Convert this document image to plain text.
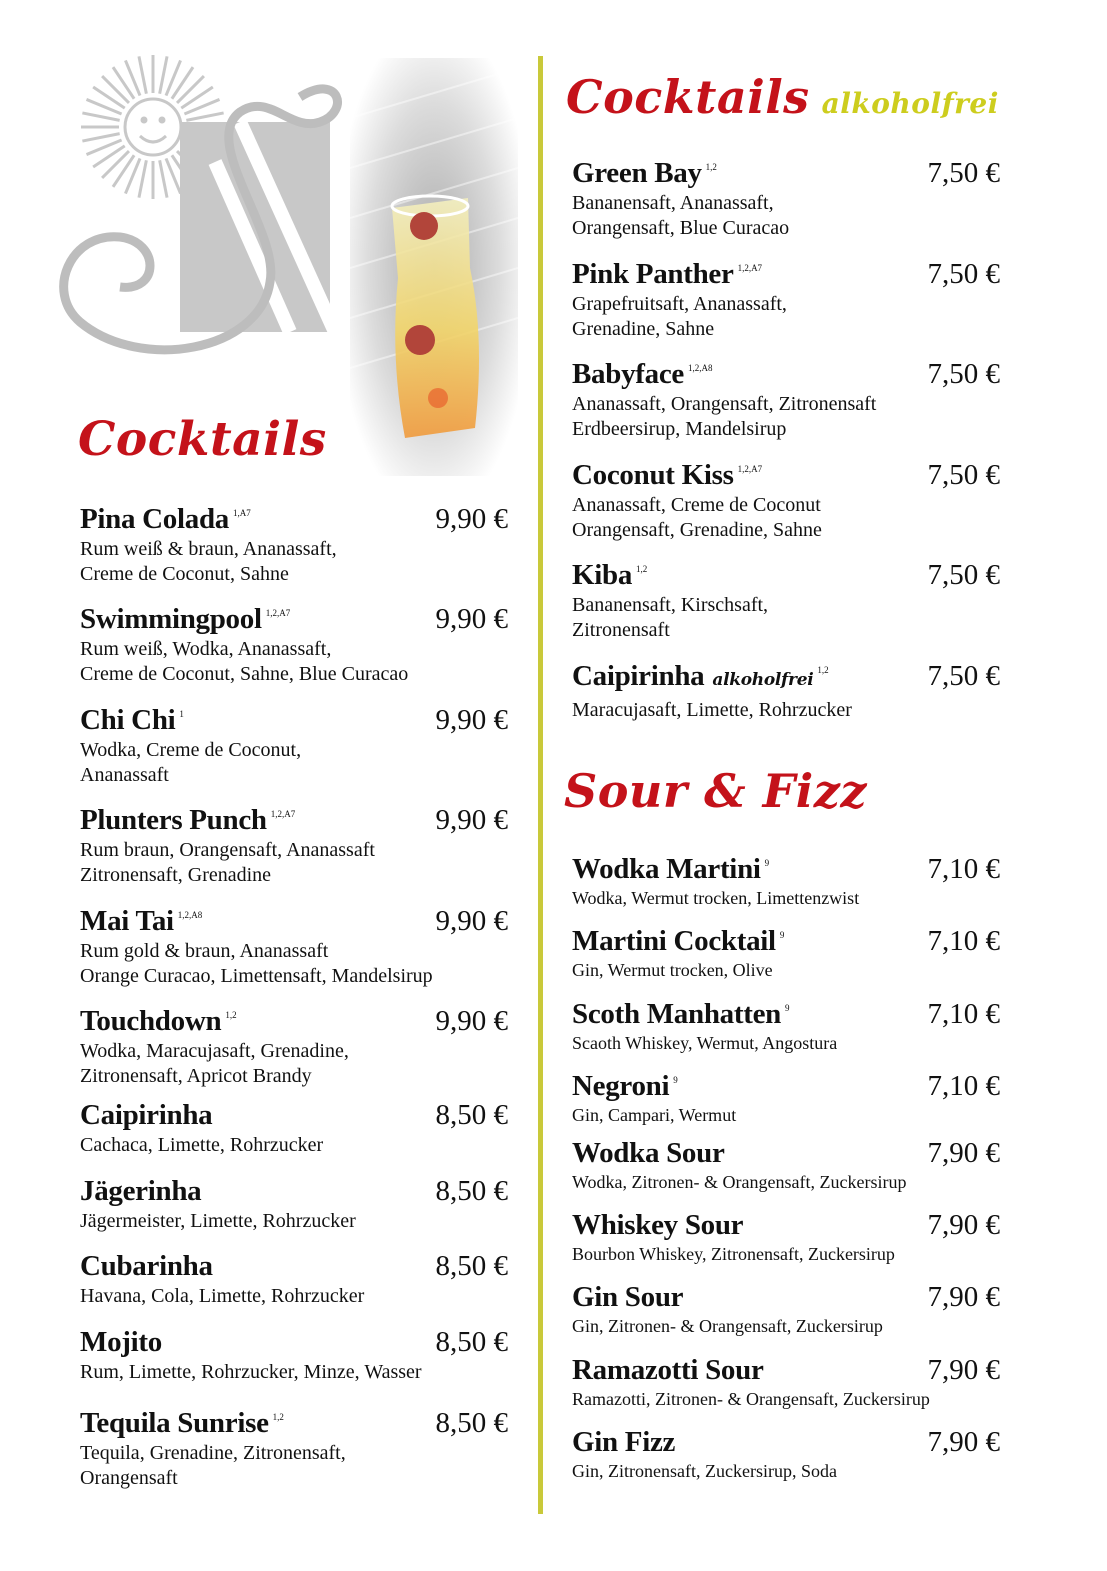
Cocktails
Cocktails alkoholfrei
Sour & Fizz
Pina Colada $^{1,A7}$	9,90 €
Rum weiß & braun, Ananassaft,
Creme de Coconut, Sahne
Swimmingpool $^{1,2,A7}$	9,90 €
Rum weiß, Wodka, Ananassaft,
Creme de Coconut, Sahne, Blue Curacao
Chi Chi $^1$	9,90 €
Wodka, Creme de Coconut,
Ananassaft
Plunters Punch $^{1,2,A7}$	9,90 €
Rum braun, Orangensaft, Ananassaft
Zitronensaft, Grenadine
Mai Tai $^{1,2,A8}$	9,90 €
Rum gold & braun, Ananassaft
Orange Curacao, Limettensaft, Mandelsirup
Touchdown $^{1,2}$	9,90 €
Wodka, Maracujasaft, Grenadine,
Zitronensaft, Apricot Brandy
Caipirinha	8,50 €
Cachaca, Limette, Rohrzucker
Jägerinha	8,50 €
Jägermeister, Limette, Rohrzucker
Cubarinha	8,50 €
Havana, Cola, Limette, Rohrzucker
Mojito	8,50 €
Rum, Limette, Rohrzucker, Minze, Wasser
Tequila Sunrise $^{1,2}$	8,50 €
Tequila, Grenadine, Zitronensaft,
Orangensaft
Green Bay $^{1,2}$	7,50 €
Bananensaft, Ananassaft,
Orangensaft, Blue Curacao
Pink Panther $^{1,2,A7}$	7,50 €
Grapefruitsaft, Ananassaft,
Grenadine, Sahne
Babyface $^{1,2,A8}$	7,50 €
Ananassaft, Orangensaft, Zitronensaft
Erdbeersirup, Mandelsirup
Coconut Kiss $^{1,2,A7}$	7,50 €
Ananassaft, Creme de Coconut
Orangensaft, Grenadine, Sahne
Kiba $^{1,2}$	7,50 €
Bananensaft, Kirschsaft,
Zitronensaft
Caipirinha alkoholfrei $^{1,2}$	7,50 €
Maracujasaft, Limette, Rohrzucker
Wodka Martini $^9$	7,10 €
Wodka, Wermut trocken, Limettenzwist
Martini Cocktail $^9$	7,10 €
Gin, Wermut trocken, Olive
Scoth Manhatten $^9$	7,10 €
Scaoth Whiskey, Wermut, Angostura
Negroni $^9$	7,10 €
Gin, Campari, Wermut
Wodka Sour	7,90 €
Wodka, Zitronen- & Orangensaft, Zuckersirup
Whiskey Sour	7,90 €
Bourbon Whiskey, Zitronensaft, Zuckersirup
Gin Sour	7,90 €
Gin, Zitronen- & Orangensaft, Zuckersirup
Ramazotti Sour	7,90 €
Ramazotti, Zitronen- & Orangensaft, Zuckersirup
Gin Fizz	7,90 €
Gin, Zitronensaft, Zuckersirup, Soda
